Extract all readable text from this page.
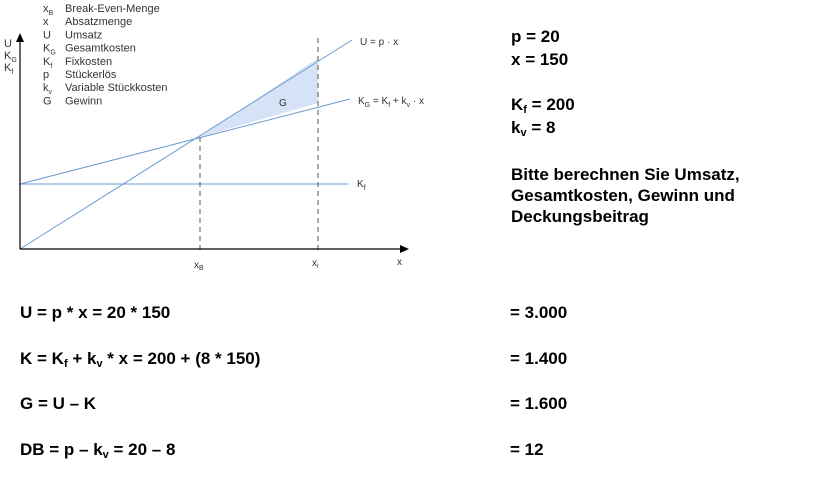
$x_B$ Break-Even-Menge
x Absatzmenge
U Umsatz
$K_G$ Gesamtkosten
$K_f$ Fixkosten
p Stückerlös
$k_v$ Variable Stückkosten
G Gewinn
U
$K_G$
$K_f$
U = p · x
$K_G = K_f + k_v \cdot x$
$K_f$
G
$x_B$	$x_i$	x
p = 20
x = 150
$K_f = 200$
$k_v = 8$
Bitte berechnen Sie Umsatz, Gesamtkosten, Gewinn und Deckungsbeitrag
U = p * x = 20 * 150	= 3.000
$K = K_f + k_v * x = 200 + (8 * 150)$	= 1.400
G = U – K	= 1.600
DB = $p - k_v = 20 - 8$	= 12
